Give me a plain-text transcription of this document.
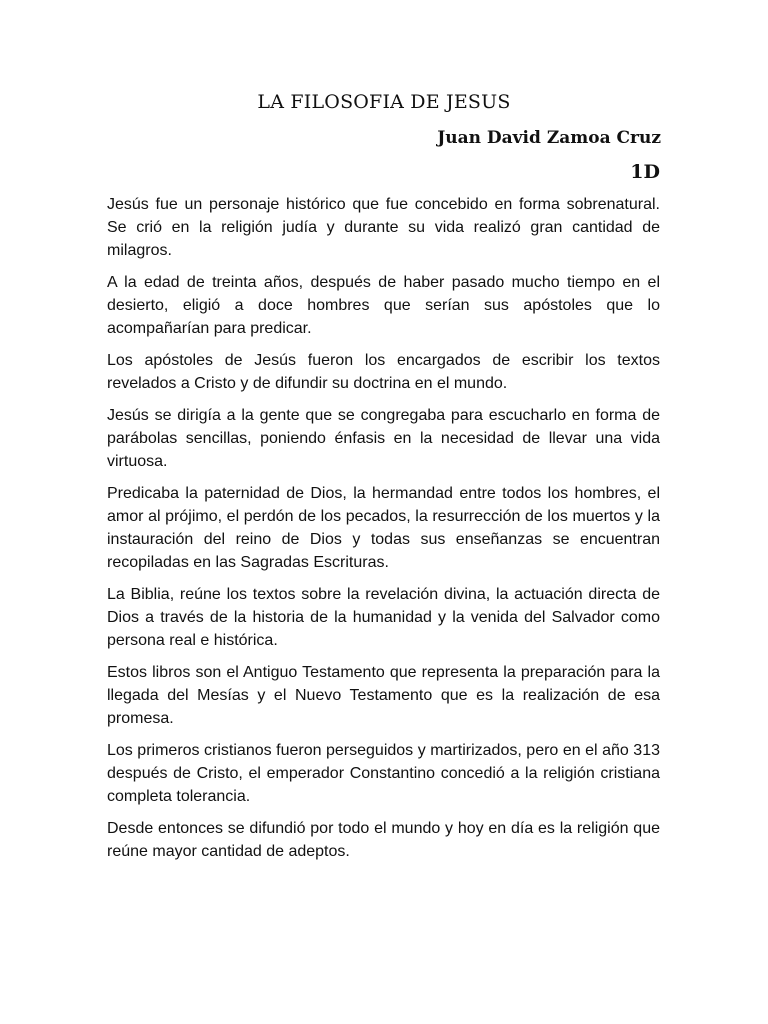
LA FILOSOFIA DE JESUS

Juan David Zamoa Cruz

1D

Jesús fue un personaje histórico que fue concebido en forma sobrenatural. Se crió en la religión judía y durante su vida realizó gran cantidad de milagros.

A la edad de treinta años, después de haber pasado mucho tiempo en el desierto, eligió a doce hombres que serían sus apóstoles que lo acompañarían para predicar.

Los apóstoles de Jesús fueron los encargados de escribir los textos revelados a Cristo y de difundir su doctrina en el mundo.

Jesús se dirigía a la gente que se congregaba para escucharlo en forma de parábolas sencillas, poniendo énfasis en la necesidad de llevar una vida virtuosa.

Predicaba la paternidad de Dios, la hermandad entre todos los hombres, el amor al prójimo, el perdón de los pecados, la resurrección de los muertos y la instauración del reino de Dios y todas sus enseñanzas se encuentran recopiladas en las Sagradas Escrituras.

La Biblia, reúne los textos sobre la revelación divina, la actuación directa de Dios a través de la historia de la humanidad y la venida del Salvador como persona real e histórica.

Estos libros son el Antiguo Testamento que representa la preparación para la llegada del Mesías y el Nuevo Testamento que es la realización de esa promesa.

Los primeros cristianos fueron perseguidos y martirizados, pero en el año 313 después de Cristo, el emperador Constantino concedió a la religión cristiana completa tolerancia.

Desde entonces se difundió por todo el mundo y hoy en día es la religión que reúne mayor cantidad de adeptos.
